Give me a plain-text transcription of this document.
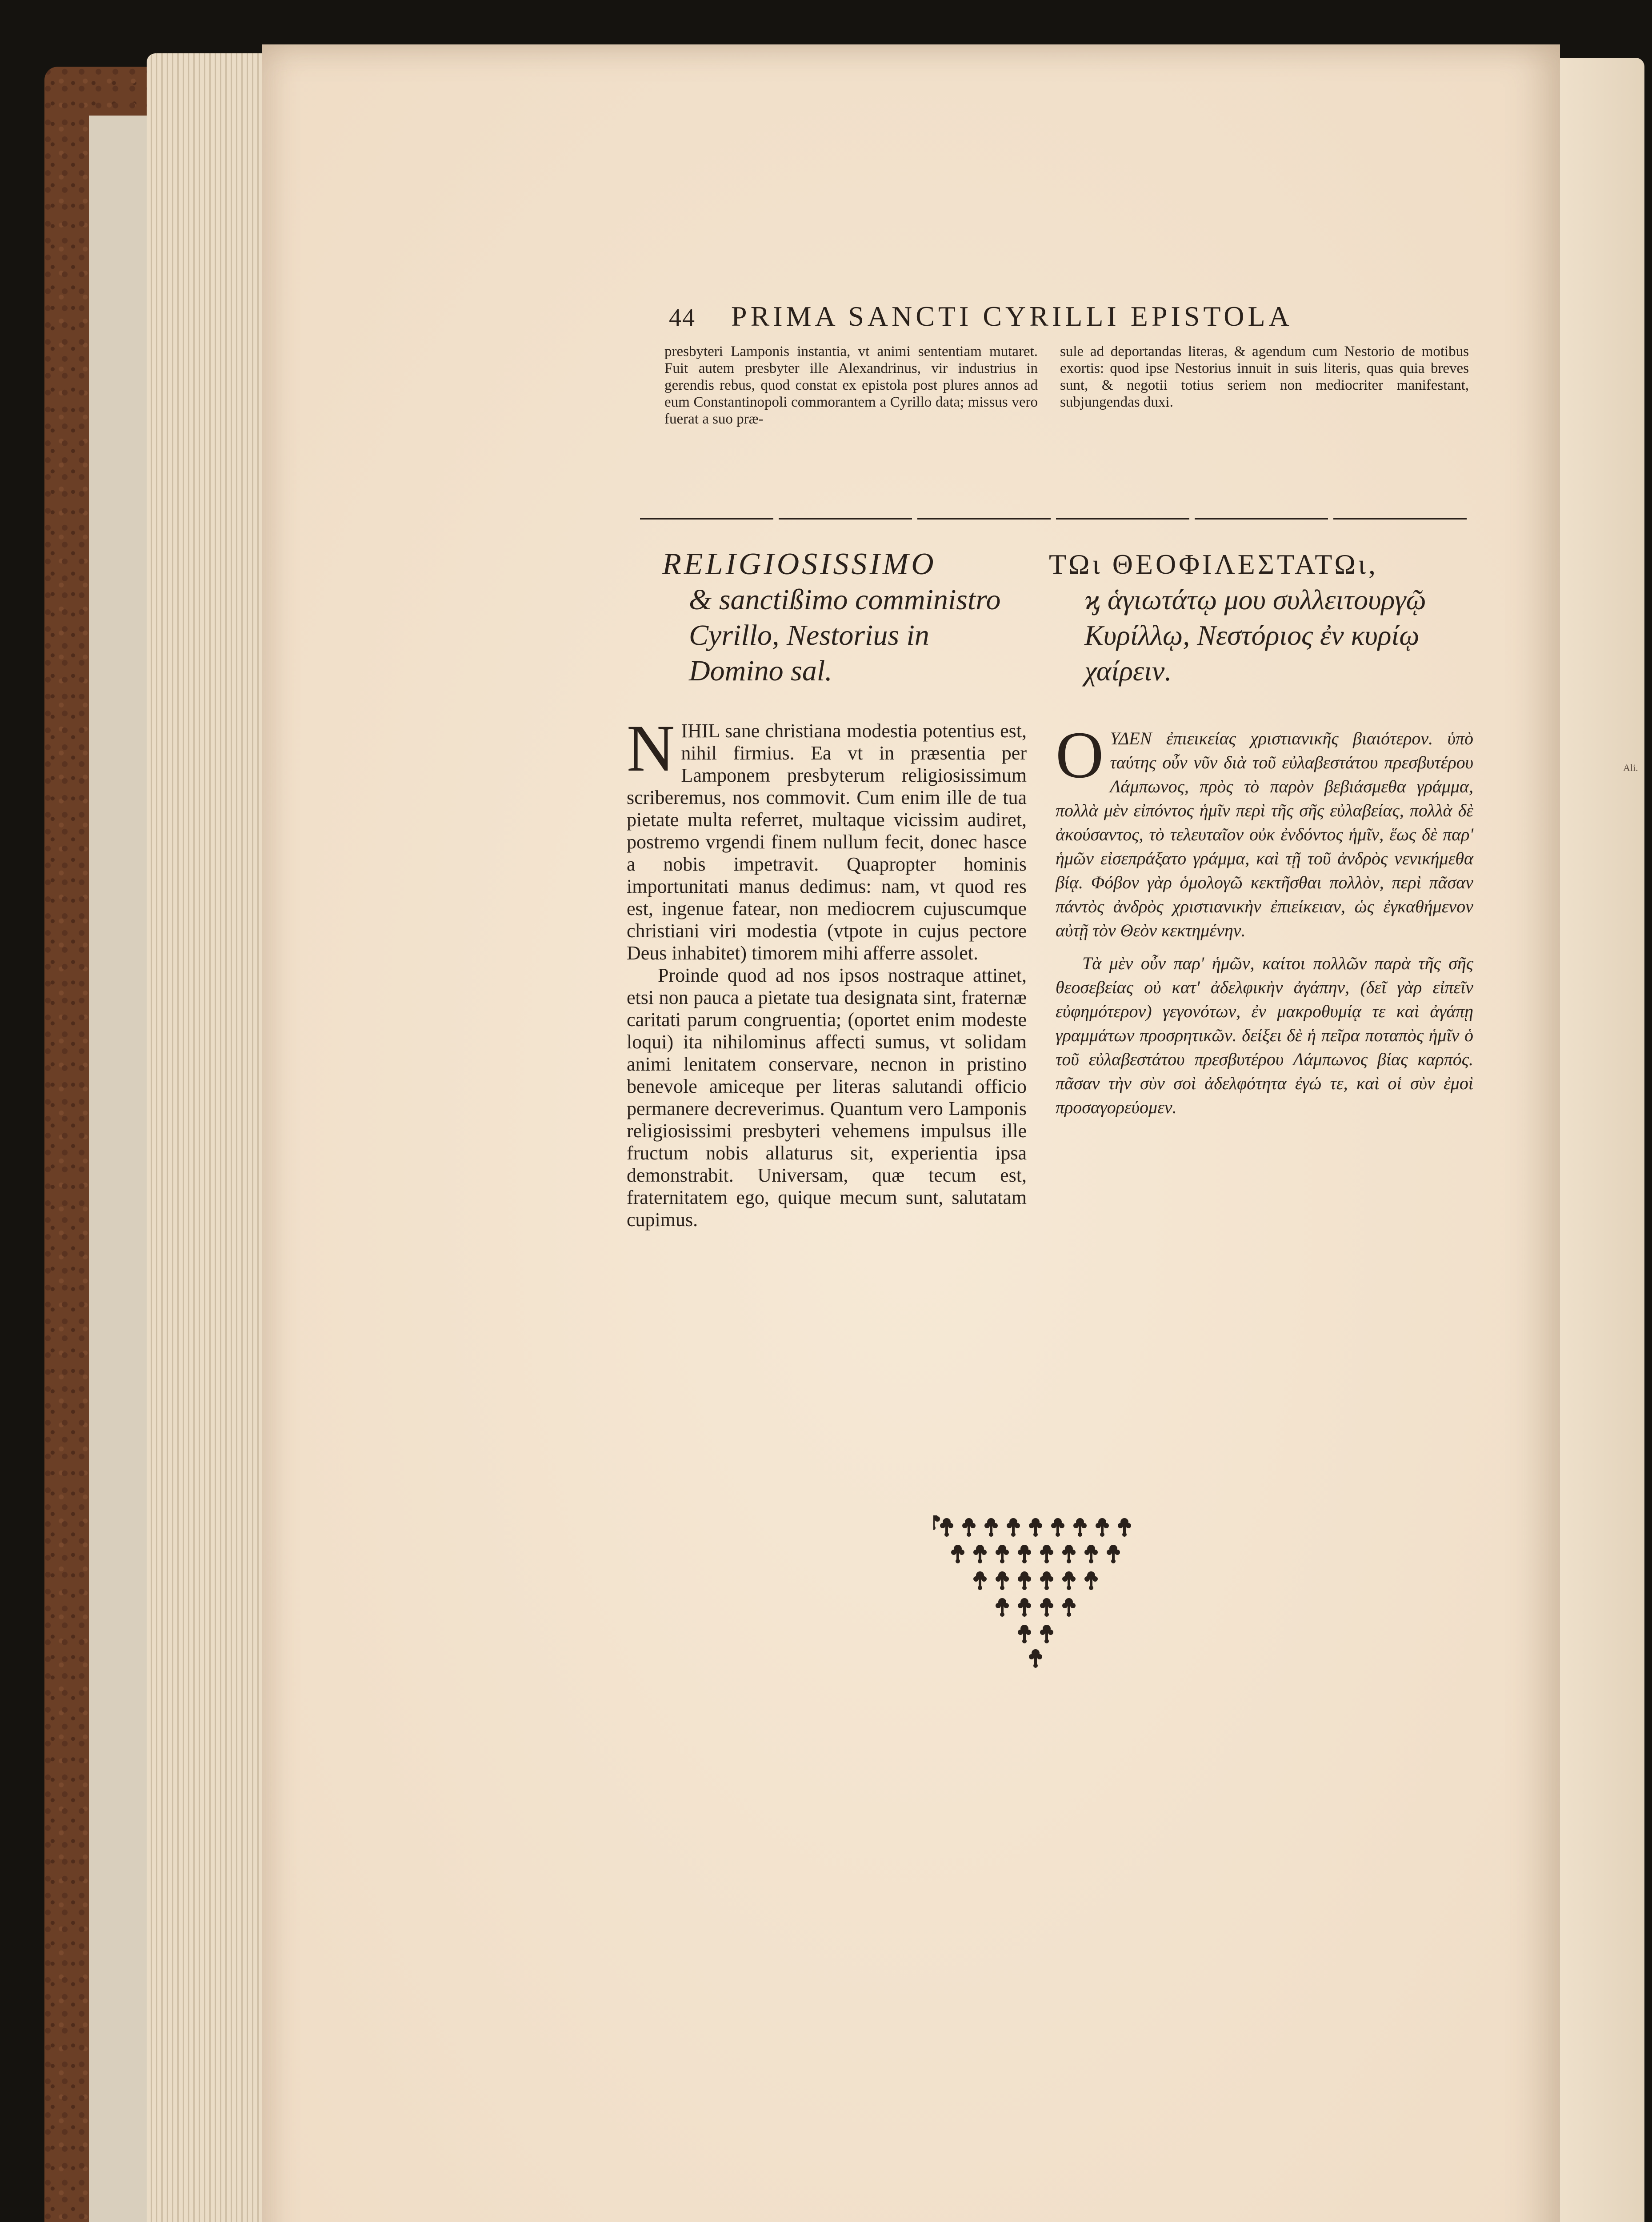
44 PRIMA SANCTI CYRILLI EPISTOLA

presbyteri Lamponis instantia, vt animi sententiam mutaret. Fuit autem presbyter ille Alexandrinus, vir industrius in gerendis rebus, quod constat ex epistola post plures annos ad eum Constantinopoli commorantem a Cyrillo data; missus vero fuerat a suo præ-

sule ad deportandas literas, & agendum cum Nestorio de motibus exortis: quod ipse Nestorius innuit in suis literis, quas quia breves sunt, & negotii totius seriem non mediocriter manifestant, subjungendas duxi.

RELIGIOSISSIMO
& sanctißimo comministro Cyrillo, Nestorius in Domino sal.
ΤΩι ΘΕΟΦΙΛΕΣΤΑΤΩι,
ϗ ἁγιωτάτῳ μου συλλειτουργῷ Κυρίλλῳ, Νεστόριος ἐν κυρίῳ χαίρειν.

NIHIL sane christiana modestia potentius est, nihil firmius. Ea vt in præsentia per Lamponem presbyterum religiosissimum scriberemus, nos commovit. Cum enim ille de tua pietate multa referret, multaque vicissim audiret, postremo vrgendi finem nullum fecit, donec hasce a nobis impetravit. Quapropter hominis importunitati manus dedimus: nam, vt quod res est, ingenue fatear, non mediocrem cujuscumque christiani viri modestia (vtpote in cujus pectore Deus inhabitet) timorem mihi afferre assolet.

Proinde quod ad nos ipsos nostraque attinet, etsi non pauca a pietate tua designata sint, fraternæ caritati parum congruentia; (oportet enim modeste loqui) ita nihilominus affecti sumus, vt solidam animi lenitatem conservare, necnon in pristino benevole amiceque per literas salutandi officio permanere decreverimus. Quantum vero Lamponis religiosissimi presbyteri vehemens impulsus ille fructum nobis allaturus sit, experientia ipsa demonstrabit. Universam, quæ tecum est, fraternitatem ego, quique mecum sunt, salutatam cupimus.

OΥΔΕΝ ἐπιεικείας χριστιανικῆς βιαιότερον. ὑπὸ ταύτης οὖν νῦν διὰ τοῦ εὐλαβεστάτου πρεσβυτέρου Λάμπωνος, πρὸς τὸ παρὸν βεβιάσμεθα γράμμα, πολλὰ μὲν εἰπόντος ἡμῖν περὶ τῆς σῆς εὐλαβείας, πολλὰ δὲ ἀκούσαντος, τὸ τελευταῖον οὐκ ἐνδόντος ἡμῖν, ἕως δὲ παρ' ἡμῶν εἰσεπράξατο γράμμα, καὶ τῇ τοῦ ἀνδρὸς νενικήμεθα βίᾳ. Φόβον γὰρ ὁμολογῶ κεκτῆσθαι πολλὸν, περὶ πᾶσαν πάντὸς ἀνδρὸς χριστιανικὴν ἐπιείκειαν, ὡς ἐγκαθήμενον αὐτῇ τὸν Θεὸν κεκτημένην.

Τὰ μὲν οὖν παρ' ἡμῶν, καίτοι πολλῶν παρὰ τῆς σῆς θεοσεβείας οὐ κατ' ἀδελφικὴν ἀγάπην, (δεῖ γὰρ εἰπεῖν εὐφημότερον) γεγονότων, ἐν μακροθυμίᾳ τε καὶ ἀγάπῃ γραμμάτων προσρητικῶν. δείξει δὲ ἡ πεῖρα ποταπὸς ἡμῖν ὁ τοῦ εὐλαβεστάτου πρεσβυτέρου Λάμπωνος βίας καρπός. πᾶσαν τὴν σὺν σοὶ ἀδελφότητα ἐγώ τε, καὶ οἱ σὺν ἐμοὶ προσαγορεύομεν.

Ali.
